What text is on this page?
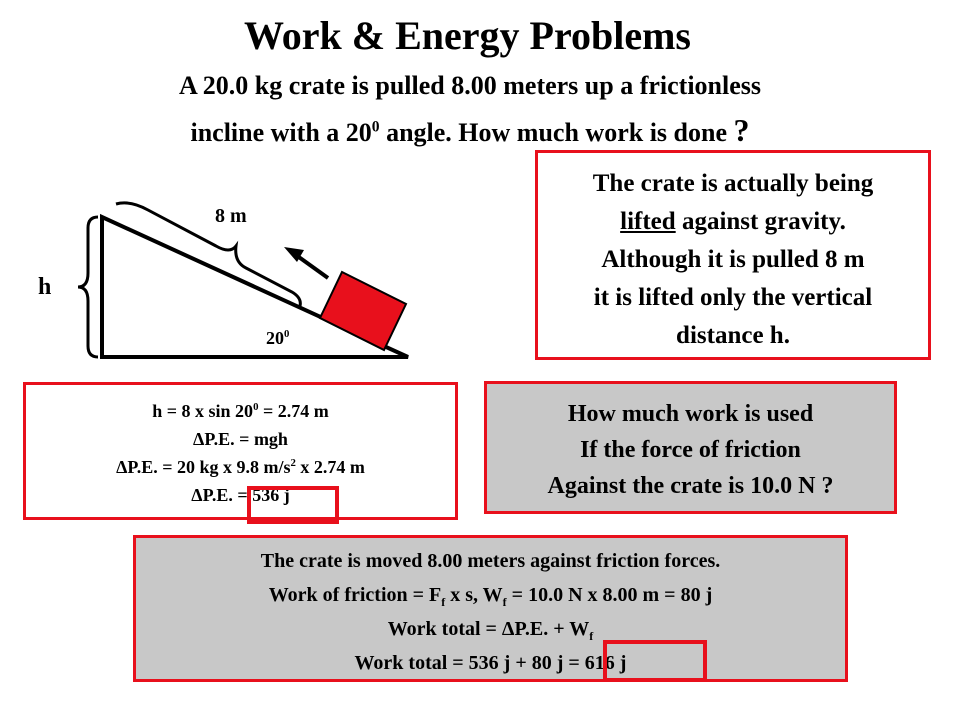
Work & Energy Problems
A 20.0 kg crate is pulled 8.00 meters up a frictionless
incline with a $20^0$ angle. How much work is done ?
8 m
h
$20^0$
The crate is actually being
lifted against gravity.
Although it is pulled 8 m
it is lifted only the vertical
distance h.
h = 8 x $\sin 20^0 = 2.74$ m
ΔP.E. = mgh
ΔP.E. = 20 kg x 9.8 $m/s^2$ x 2.74 m
ΔP.E. = 536 j
How much work is used
If the force of friction
Against the crate is 10.0 N ?
The crate is moved 8.00 meters against friction forces.
Work of friction = $F_f$ x s, $W_f = 10.0$ N x 8.00 m = 80 j
Work total = ΔP.E. + $W_f$
Work total = 536 j + 80 j = 616 j
